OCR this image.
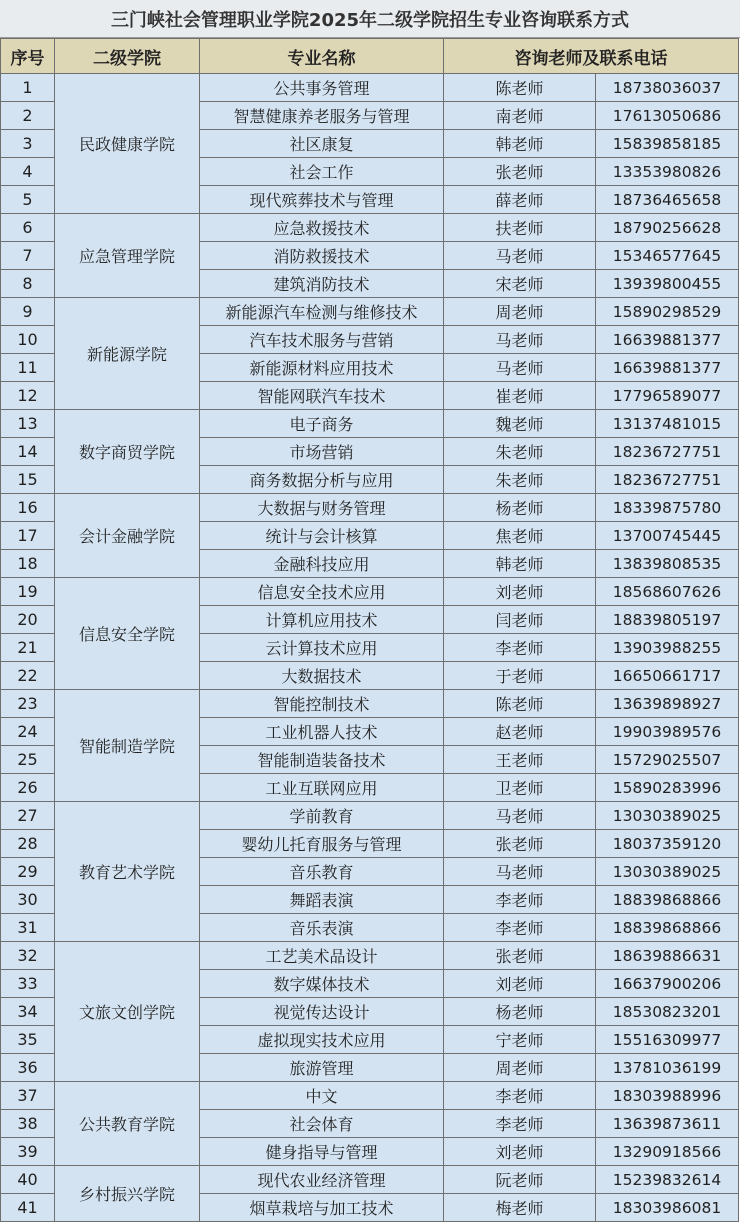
三门峡社会管理职业学院2025年二级学院招生专业咨询联系方式
序号	二级学院	专业名称	咨询老师及联系电话	
1	民政健康学院	公共事务管理	陈老师	18738036037
2		智慧健康养老服务与管理	南老师	17613050686
3		社区康复	韩老师	15839858185
4		社会工作	张老师	13353980826
5		现代殡葬技术与管理	薛老师	18736465658
6	应急管理学院	应急救援技术	扶老师	18790256628
7		消防救援技术	马老师	15346577645
8		建筑消防技术	宋老师	13939800455
9	新能源学院	新能源汽车检测与维修技术	周老师	15890298529
10		汽车技术服务与营销	马老师	16639881377
11		新能源材料应用技术	马老师	16639881377
12		智能网联汽车技术	崔老师	17796589077
13	数字商贸学院	电子商务	魏老师	13137481015
14		市场营销	朱老师	18236727751
15		商务数据分析与应用	朱老师	18236727751
16	会计金融学院	大数据与财务管理	杨老师	18339875780
17		统计与会计核算	焦老师	13700745445
18		金融科技应用	韩老师	13839808535
19	信息安全学院	信息安全技术应用	刘老师	18568607626
20		计算机应用技术	闫老师	18839805197
21		云计算技术应用	李老师	13903988255
22		大数据技术	于老师	16650661717
23	智能制造学院	智能控制技术	陈老师	13639898927
24		工业机器人技术	赵老师	19903989576
25		智能制造装备技术	王老师	15729025507
26		工业互联网应用	卫老师	15890283996
27	教育艺术学院	学前教育	马老师	13030389025
28		婴幼儿托育服务与管理	张老师	18037359120
29		音乐教育	马老师	13030389025
30		舞蹈表演	李老师	18839868866
31		音乐表演	李老师	18839868866
32	文旅文创学院	工艺美术品设计	张老师	18639886631
33		数字媒体技术	刘老师	16637900206
34		视觉传达设计	杨老师	18530823201
35		虚拟现实技术应用	宁老师	15516309977
36		旅游管理	周老师	13781036199
37	公共教育学院	中文	李老师	18303988996
38		社会体育	李老师	13639873611
39		健身指导与管理	刘老师	13290918566
40	乡村振兴学院	现代农业经济管理	阮老师	15239832614
41		烟草栽培与加工技术	梅老师	18303986081
